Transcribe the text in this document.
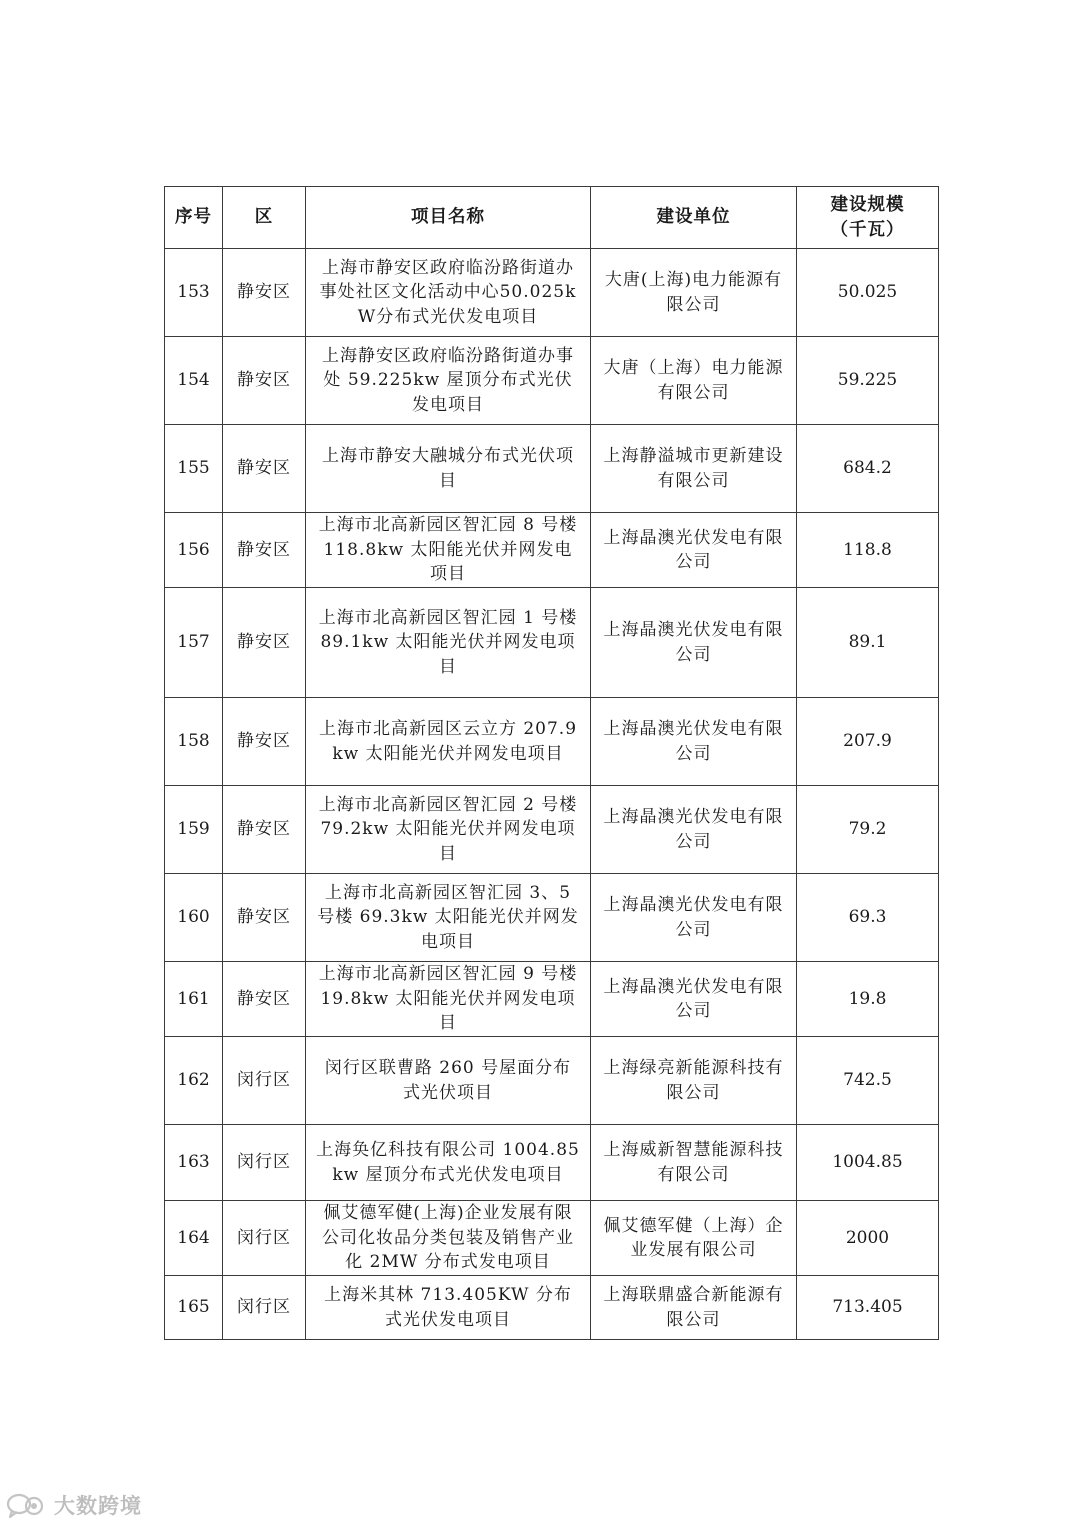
序号	区	项目名称	建设单位	建设规模
（千瓦）

153	静安区	上海市静安区政府临汾路街道办事处社区文化活动中心50.025kW分布式光伏发电项目	大唐(上海)电力能源有限公司	50.025
154	静安区	上海静安区政府临汾路街道办事处 59.225kw 屋顶分布式光伏发电项目	大唐（上海）电力能源有限公司	59.225
155	静安区	上海市静安大融城分布式光伏项目	上海静溢城市更新建设有限公司	684.2
156	静安区	上海市北高新园区智汇园 8 号楼 118.8kw 太阳能光伏并网发电项目	上海晶澳光伏发电有限公司	118.8
157	静安区	上海市北高新园区智汇园 1 号楼 89.1kw 太阳能光伏并网发电项目	上海晶澳光伏发电有限公司	89.1
158	静安区	上海市北高新园区云立方 207.9kw 太阳能光伏并网发电项目	上海晶澳光伏发电有限公司	207.9
159	静安区	上海市北高新园区智汇园 2 号楼 79.2kw 太阳能光伏并网发电项目	上海晶澳光伏发电有限公司	79.2
160	静安区	上海市北高新园区智汇园 3、5 号楼 69.3kw 太阳能光伏并网发电项目	上海晶澳光伏发电有限公司	69.3
161	静安区	上海市北高新园区智汇园 9 号楼 19.8kw 太阳能光伏并网发电项目	上海晶澳光伏发电有限公司	19.8
162	闵行区	闵行区联曹路 260 号屋面分布式光伏项目	上海绿亮新能源科技有限公司	742.5
163	闵行区	上海奂亿科技有限公司 1004.85kw 屋顶分布式光伏发电项目	上海威新智慧能源科技有限公司	1004.85
164	闵行区	佩艾德军健(上海)企业发展有限公司化妆品分类包装及销售产业化 2MW 分布式发电项目	佩艾德军健（上海）企业发展有限公司	2000
165	闵行区	上海米其林 713.405KW 分布式光伏发电项目	上海联鼎盛合新能源有限公司	713.405
大数跨境
